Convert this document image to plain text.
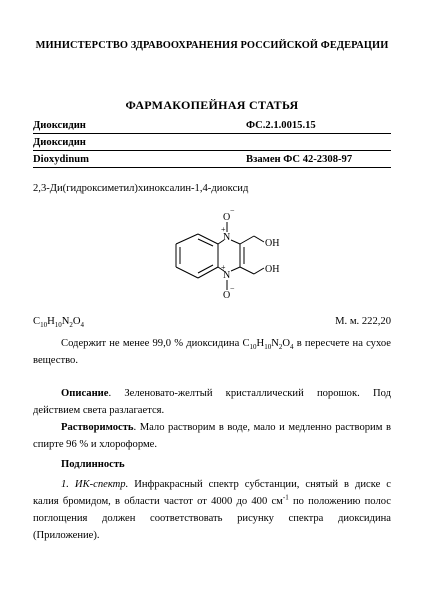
МИНИСТЕРСТВО ЗДРАВООХРАНЕНИЯ РОССИЙСКОЙ ФЕДЕРАЦИИ
ФАРМАКОПЕЙНАЯ СТАТЬЯ
Диоксидин	ФС.2.1.0015.15
Диоксидин
Dioxydinum	Взамен ФС 42-2308-97
2,3-Ди(гидроксиметил)хиноксалин-1,4-диоксид
O
−
N
+
N
+
O
−
OH
OH
$C_{10}H_{10}N_2O_4$	М. м. 222,20
Содержит не менее 99,0 % диоксидина $C_{10}H_{10}N_2O_4$ в пересчете на сухое вещество.
Описание. Зеленовато-желтый кристаллический порошок. Под действием света разлагается.
Растворимость. Мало растворим в воде, мало и медленно растворим в спирте 96 % и хлороформе.
Подлинность
1. ИК-спектр. Инфракрасный спектр субстанции, снятый в диске с калия бромидом, в области частот от 4000 до 400 $см^{-1}$ по положению полос поглощения должен соответствовать рисунку спектра диоксидина (Приложение).
